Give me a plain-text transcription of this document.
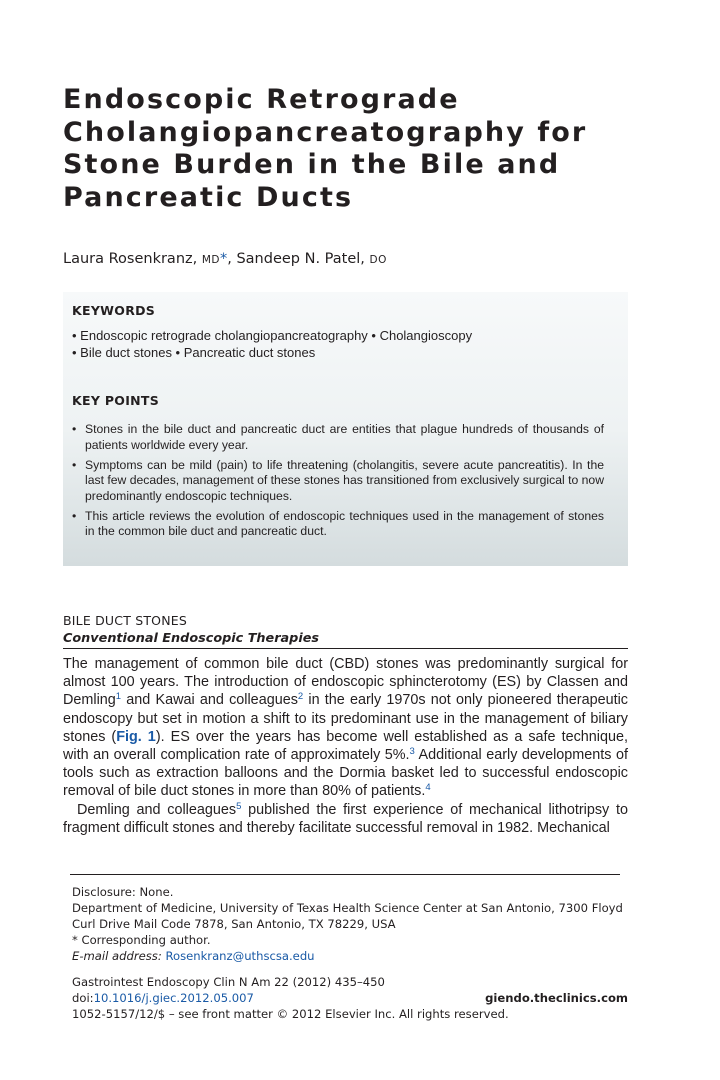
Endoscopic Retrograde Cholangiopancreatography for Stone Burden in the Bile and Pancreatic Ducts

Laura Rosenkranz, MD*, Sandeep N. Patel, DO

KEYWORDS
• Endoscopic retrograde cholangiopancreatography • Cholangioscopy
• Bile duct stones • Pancreatic duct stones
KEY POINTS
• Stones in the bile duct and pancreatic duct are entities that plague hundreds of thousands of patients worldwide every year.
• Symptoms can be mild (pain) to life threatening (cholangitis, severe acute pancreatitis). In the last few decades, management of these stones has transitioned from exclusively surgical to now predominantly endoscopic techniques.
• This article reviews the evolution of endoscopic techniques used in the management of stones in the common bile duct and pancreatic duct.
BILE DUCT STONES
Conventional Endoscopic Therapies

The management of common bile duct (CBD) stones was predominantly surgical for almost 100 years. The introduction of endoscopic sphincterotomy (ES) by Classen and Demling$^1$ and Kawai and colleagues$^2$ in the early 1970s not only pioneered therapeutic endoscopy but set in motion a shift to its predominant use in the management of biliary stones (Fig. 1). ES over the years has become well established as a safe technique, with an overall complication rate of approximately 5%.$^3$ Additional early developments of tools such as extraction balloons and the Dormia basket led to successful endoscopic removal of bile duct stones in more than 80% of patients.$^4$

Demling and colleagues$^5$ published the first experience of mechanical lithotripsy to fragment difficult stones and thereby facilitate successful removal in 1982. Mechanical

Disclosure: None.

Department of Medicine, University of Texas Health Science Center at San Antonio, 7300 Floyd Curl Drive Mail Code 7878, San Antonio, TX 78229, USA

* Corresponding author.

E-mail address: Rosenkranz@uthscsa.edu

Gastrointest Endoscopy Clin N Am 22 (2012) 435–450

doi:10.1016/j.giec.2012.05.007

1052-5157/12/$ – see front matter © 2012 Elsevier Inc. All rights reserved.

giendo.theclinics.com
